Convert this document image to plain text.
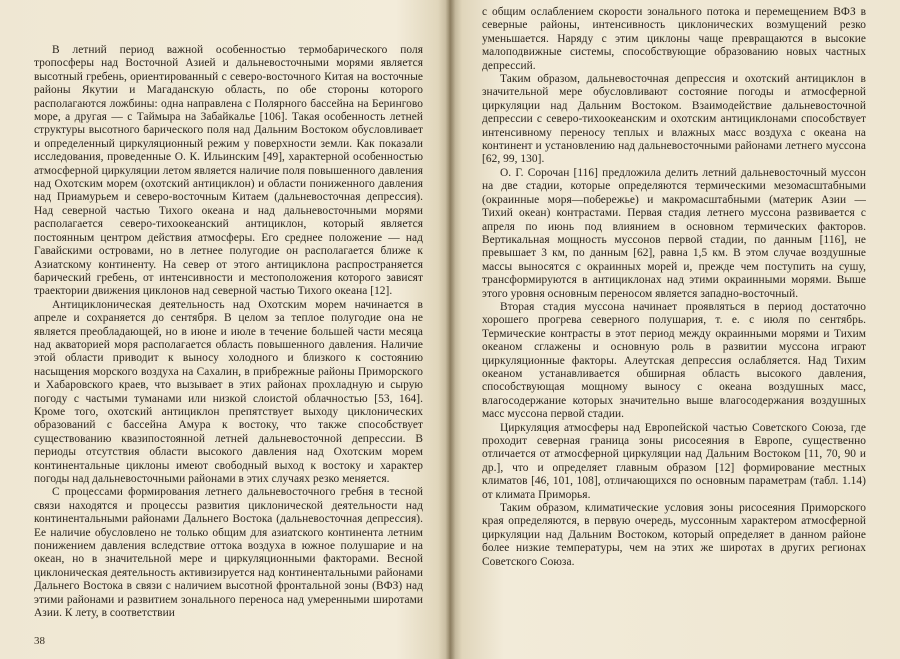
В летний период важной особенностью термобарического поля тропосферы над Восточной Азией и дальневосточными морями является высотный гребень, ориентированный с северо-восточного Китая на восточные районы Якутии и Магаданскую область, по обе стороны которого располагаются ложбины: одна направлена с Полярного бассейна на Берингово море, а другая — с Таймыра на Забайкалье [106]. Такая особенность летней структуры высотного барического поля над Дальним Востоком обусловливает и определенный циркуляционный режим у поверхности земли. Как показали исследования, проведенные О. К. Ильинским [49], характерной особенностью атмосферной циркуляции летом является наличие поля повышенного давления над Охотским морем (охотский антициклон) и области пониженного давления над Приамурьем и северо-восточным Китаем (дальневосточная депрессия). Над северной частью Тихого океана и над дальневосточными морями располагается северо-тихоокеанский антициклон, который является постоянным центром действия атмосферы. Его среднее положение — над Гавайскими островами, но в летнее полугодие он располагается ближе к Азиатскому континенту. На север от этого антициклона распространяется барический гребень, от интенсивности и местоположения которого зависят траектории движения циклонов над северной частью Тихого океана [12].

Антициклоническая деятельность над Охотским морем начинается в апреле и сохраняется до сентября. В целом за теплое полугодие она не является преобладающей, но в июне и июле в течение большей части месяца над акваторией моря располагается область повышенного давления. Наличие этой области приводит к выносу холодного и близкого к состоянию насыщения морского воздуха на Сахалин, в прибрежные районы Приморского и Хабаровского краев, что вызывает в этих районах прохладную и сырую погоду с частыми туманами или низкой слоистой облачностью [53, 164]. Кроме того, охотский антициклон препятствует выходу циклонических образований с бассейна Амура к востоку, что также способствует существованию квазипостоянной летней дальневосточной депрессии. В периоды отсутствия области высокого давления над Охотским морем континентальные циклоны имеют свободный выход к востоку и характер погоды над дальневосточными районами в этих случаях резко меняется.

С процессами формирования летнего дальневосточного гребня в тесной связи находятся и процессы развития циклонической деятельности над континентальными районами Дальнего Востока (дальневосточная депрессия). Ее наличие обусловлено не только общим для азиатского континента летним понижением давления вследствие оттока воздуха в южное полушарие и на океан, но в значительной мере и циркуляционными факторами. Весной циклоническая деятельность активизируется над континентальными районами Дальнего Востока в связи с наличием высотной фронтальной зоны (ВФЗ) над этими районами и развитием зонального переноса над умеренными широтами Азии. К лету, в соответствии

38

с общим ослаблением скорости зонального потока и перемещением ВФЗ в северные районы, интенсивность циклонических возмущений резко уменьшается. Наряду с этим циклоны чаще превращаются в высокие малоподвижные системы, способствующие образованию новых частных депрессий.

Таким образом, дальневосточная депрессия и охотский антициклон в значительной мере обусловливают состояние погоды и атмосферной циркуляции над Дальним Востоком. Взаимодействие дальневосточной депрессии с северо-тихоокеанским и охотским антициклонами способствует интенсивному переносу теплых и влажных масс воздуха с океана на континент и установлению над дальневосточными районами летнего муссона [62, 99, 130].

О. Г. Сорочан [116] предложила делить летний дальневосточный муссон на две стадии, которые определяются термическими мезомасштабными (окраинные моря—побережье) и макромасштабными (материк Азии — Тихий океан) контрастами. Первая стадия летнего муссона развивается с апреля по июнь под влиянием в основном термических факторов. Вертикальная мощность муссонов первой стадии, по данным [116], не превышает 3 км, по данным [62], равна 1,5 км. В этом случае воздушные массы выносятся с окраинных морей и, прежде чем поступить на сушу, трансформируются в антициклонах над этими окраинными морями. Выше этого уровня основным переносом является западно-восточный.

Вторая стадия муссона начинает проявляться в период достаточно хорошего прогрева северного полушария, т. е. с июля по сентябрь. Термические контрасты в этот период между окраинными морями и Тихим океаном сглажены и основную роль в развитии муссона играют циркуляционные факторы. Алеутская депрессия ослабляется. Над Тихим океаном устанавливается обширная область высокого давления, способствующая мощному выносу с океана воздушных масс, влагосодержание которых значительно выше влагосодержания воздушных масс муссона первой стадии.

Циркуляция атмосферы над Европейской частью Советского Союза, где проходит северная граница зоны рисосеяния в Европе, существенно отличается от атмосферной циркуляции над Дальним Востоком [11, 70, 90 и др.], что и определяет главным образом [12] формирование местных климатов [46, 101, 108], отличающихся по основным параметрам (табл. 1.14) от климата Приморья.

Таким образом, климатические условия зоны рисосеяния Приморского края определяются, в первую очередь, муссонным характером атмосферной циркуляции над Дальним Востоком, который определяет в данном районе более низкие температуры, чем на этих же широтах в других регионах Советского Союза.
